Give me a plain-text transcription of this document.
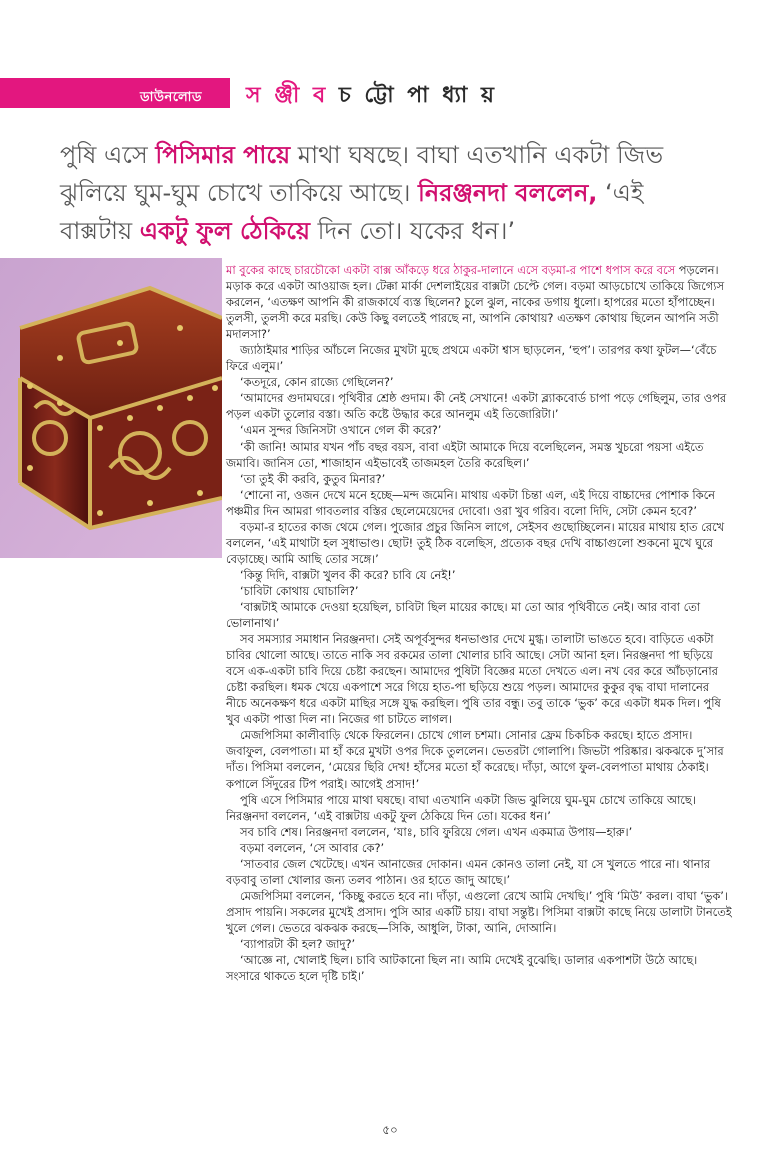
ডাউনলোড স ঞ্জী ব চ ট্টো পা ধ্যা য়
পুষি এসে পিসিমার পায়ে মাথা ঘষছে। বাঘা এতখানি একটা জিভ ঝুলিয়ে ঘুম-ঘুম চোখে তাকিয়ে আছে। নিরঞ্জনদা বললেন, ‘এই বাক্সটায় একটু ফুল ঠেকিয়ে দিন তো। যকের ধন।’

মা বুকের কাছে চারচৌকো একটা বাক্স আঁকড়ে ধরে ঠাকুর-দালানে এসে বড়মা-র পাশে ধপাস করে বসে পড়লেন। মড়াক করে একটা আওয়াজ হল। টেক্কা মার্কা দেশলাইয়ের বাক্সটা চেপ্টে গেল। বড়মা আড়চোখে তাকিয়ে জিগ্যেস করলেন, ‘এতক্ষণ আপনি কী রাজকার্যে ব্যস্ত ছিলেন? চুলে ঝুল, নাকের ডগায় ধুলো। হাপরের মতো হাঁপাচ্ছেন। তুলসী, তুলসী করে মরছি। কেউ কিছু বলতেই পারছে না, আপনি কোথায়? এতক্ষণ কোথায় ছিলেন আপনি সতী মদালসা?’

জ্যাঠাইমার শাড়ির আঁচলে নিজের মুখটা মুছে প্রথমে একটা শ্বাস ছাড়লেন, ‘হুপ’। তারপর কথা ফুটল—‘বেঁচে ফিরে এলুম।’

‘কতদূরে, কোন রাজ্যে গেছিলেন?’

‘আমাদের গুদামঘরে। পৃথিবীর শ্রেষ্ঠ গুদাম। কী নেই সেখানে! একটা ব্ল্যাকবোর্ড চাপা পড়ে গেছিলুম, তার ওপর পড়ল একটা তুলোর বস্তা। অতি কষ্টে উদ্ধার করে আনলুম এই তিজোরিটা।’

‘এমন সুন্দর জিনিসটা ওখানে গেল কী করে?’

‘কী জানি! আমার যখন পাঁচ বছর বয়স, বাবা এইটা আমাকে দিয়ে বলেছিলেন, সমস্ত খুচরো পয়সা এইতে জমাবি। জানিস তো, শাজাহান এইভাবেই তাজমহল তৈরি করেছিল।’

‘তা তুই কী করবি, কুতুব মিনার?’

‘শোনো না, ওজন দেখে মনে হচ্ছে—মন্দ জমেনি। মাথায় একটা চিন্তা এল, এই দিয়ে বাচ্চাদের পোশাক কিনে পঞ্চমীর দিন আমরা গাবতলার বস্তির ছেলেমেয়েদের দোবো। ওরা খুব গরিব। বলো দিদি, সেটা কেমন হবে?’

বড়মা-র হাতের কাজ থেমে গেল। পুজোর প্রচুর জিনিস লাগে, সেইসব গুছোচ্ছিলেন। মায়ের মাথায় হাত রেখে বললেন, ‘এই মাথাটা হল সুধাভাণ্ড। ছোট! তুই ঠিক বলেছিস, প্রত্যেক বছর দেখি বাচ্চাগুলো শুকনো মুখে ঘুরে বেড়াচ্ছে। আমি আছি তোর সঙ্গে।’

‘কিন্তু দিদি, বাক্সটা খুলব কী করে? চাবি যে নেই!’

‘চাবিটা কোথায় ঘোচালি?’

‘বাক্সটাই আমাকে দেওয়া হয়েছিল, চাবিটা ছিল মায়ের কাছে। মা তো আর পৃথিবীতে নেই। আর বাবা তো ভোলানাথ।’

সব সমস্যার সমাধান নিরঞ্জনদা। সেই অপূর্বসুন্দর ধনভাণ্ডার দেখে মুগ্ধ। তালাটা ভাঙতে হবে। বাড়িতে একটা চাবির থোলো আছে। তাতে নাকি সব রকমের তালা খোলার চাবি আছে। সেটা আনা হল। নিরঞ্জনদা পা ছড়িয়ে বসে এক-একটা চাবি দিয়ে চেষ্টা করছেন। আমাদের পুষিটা বিজ্ঞের মতো দেখতে এল। নখ বের করে আঁচড়ানোর চেষ্টা করছিল। ধমক খেয়ে একপাশে সরে গিয়ে হাত-পা ছড়িয়ে শুয়ে পড়ল। আমাদের কুকুর বৃদ্ধ বাঘা দালানের নীচে অনেকক্ষণ ধরে একটা মাছির সঙ্গে যুদ্ধ করছিল। পুষি তার বন্ধু। তবু তাকে ‘ভুক’ করে একটা ধমক দিল। পুষি খুব একটা পাত্তা দিল না। নিজের গা চাটতে লাগল।

মেজপিসিমা কালীবাড়ি থেকে ফিরলেন। চোখে গোল চশমা। সোনার ফ্রেম চিকচিক করছে। হাতে প্রসাদ। জবাফুল, বেলপাতা। মা হাঁ করে মুখটা ওপর দিকে তুললেন। ভেতরটা গোলাপি। জিভটা পরিষ্কার। ঝকঝকে দু’সার দাঁত। পিসিমা বললেন, ‘মেয়ের ছিরি দেখ! হাঁসের মতো হাঁ করেছে। দাঁড়া, আগে ফুল-বেলপাতা মাথায় ঠেকাই। কপালে সিঁদুরের টিপ পরাই। আগেই প্রসাদ!’

পুষি এসে পিসিমার পায়ে মাথা ঘষছে। বাঘা এতখানি একটা জিভ ঝুলিয়ে ঘুম-ঘুম চোখে তাকিয়ে আছে। নিরঞ্জনদা বললেন, ‘এই বাক্সটায় একটু ফুল ঠেকিয়ে দিন তো। যকের ধন।’

সব চাবি শেষ। নিরঞ্জনদা বললেন, ‘যাঃ, চাবি ফুরিয়ে গেল। এখন একমাত্র উপায়—হারু।’

বড়মা বললেন, ‘সে আবার কে?’

‘সাতবার জেল খেটেছে। এখন আনাজের দোকান। এমন কোনও তালা নেই, যা সে খুলতে পারে না। থানার বড়বাবু তালা খোলার জন্য তলব পাঠান। ওর হাতে জাদু আছে।’

মেজপিসিমা বললেন, ‘কিচ্ছু করতে হবে না। দাঁড়া, এগুলো রেখে আমি দেখছি।’ পুষি ‘মিউ’ করল। বাঘা ‘ভুক’। প্রসাদ পায়নি। সকলের মুখেই প্রসাদ। পুসি আর একটি চায়। বাঘা সন্তুষ্ট। পিসিমা বাক্সটা কাছে নিয়ে ডালাটা টানতেই খুলে গেল। ভেতরে ঝকঝক করছে—সিকি, আধুলি, টাকা, আনি, দোআনি।

‘ব্যাপারটা কী হল? জাদু?’

‘আজ্ঞে না, খোলাই ছিল। চাবি আটকানো ছিল না। আমি দেখেই বুঝেছি। ডালার একপাশটা উঠে আছে। সংসারে থাকতে হলে দৃষ্টি চাই।’

৫০
